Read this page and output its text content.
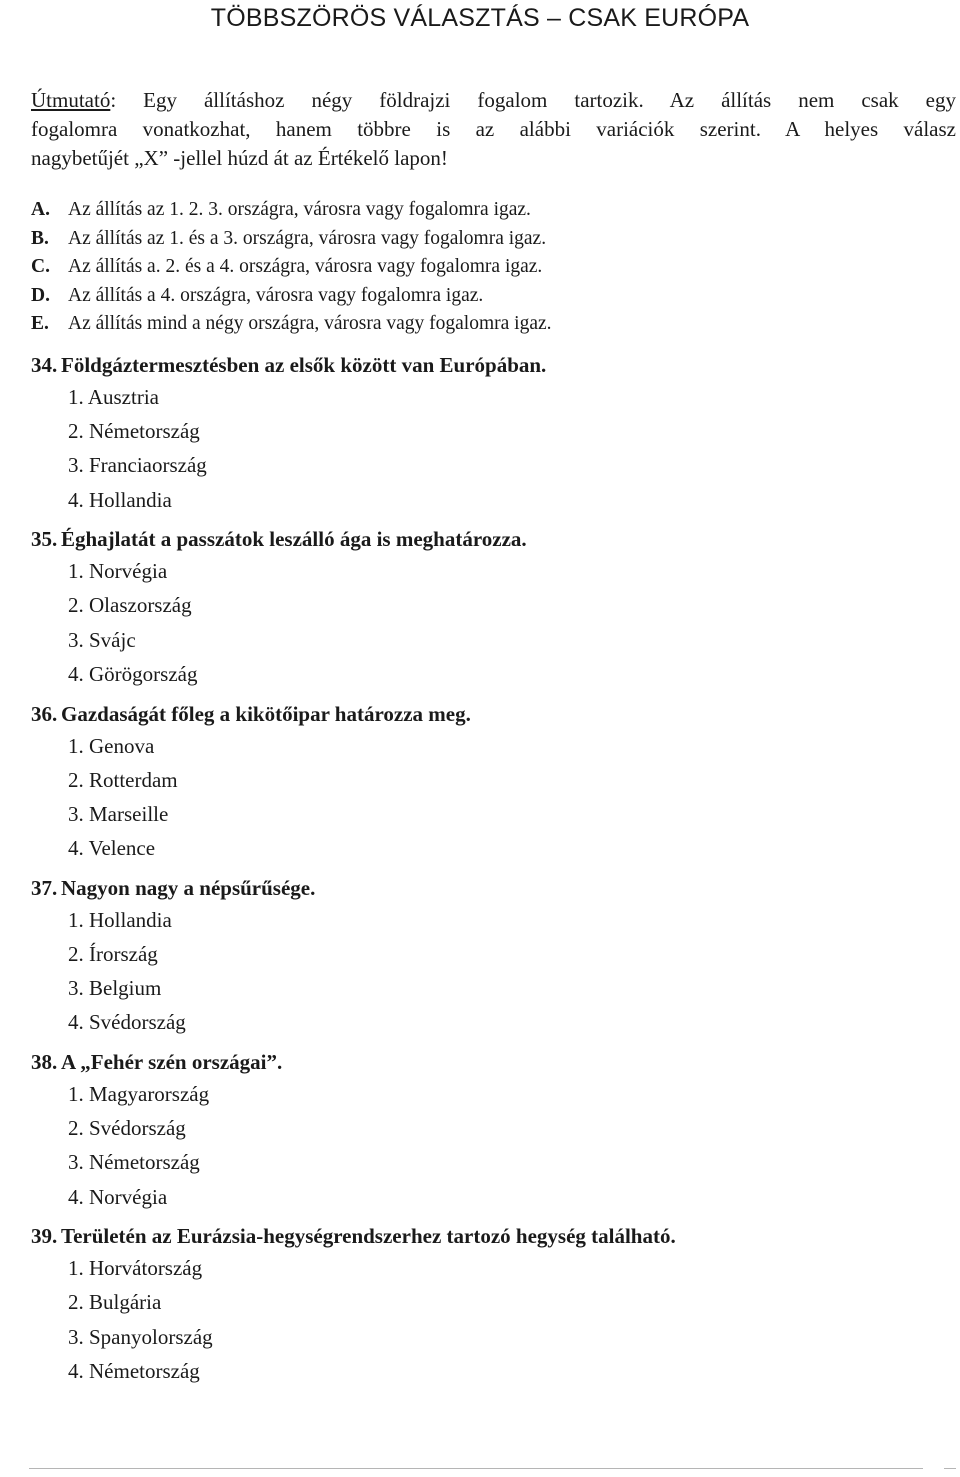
TÖBBSZÖRÖS VÁLASZTÁS – CSAK EURÓPA
Útmutató: Egy állításhoz négy földrajzi fogalom tartozik. Az állítás nem csak egy
fogalomra vonatkozhat, hanem többre is az alábbi variációk szerint. A helyes válasz
nagybetűjét „X” -jellel húzd át az Értékelő lapon!
A. Az állítás az 1. 2. 3. országra, városra vagy fogalomra igaz.
B. Az állítás az 1. és a 3. országra, városra vagy fogalomra igaz.
C. Az állítás a. 2. és a 4. országra, városra vagy fogalomra igaz.
D. Az állítás a 4. országra, városra vagy fogalomra igaz.
E. Az állítás mind a négy országra, városra vagy fogalomra igaz.
34. Földgáztermesztésben az elsők között van Európában.
1. Ausztria
2. Németország
3. Franciaország
4. Hollandia
35. Éghajlatát a passzátok leszálló ága is meghatározza.
1. Norvégia
2. Olaszország
3. Svájc
4. Görögország
36. Gazdaságát főleg a kikötőipar határozza meg.
1. Genova
2. Rotterdam
3. Marseille
4. Velence
37. Nagyon nagy a népsűrűsége.
1. Hollandia
2. Írország
3. Belgium
4. Svédország
38. A „Fehér szén országai”.
1. Magyarország
2. Svédország
3. Németország
4. Norvégia
39. Területén az Eurázsia-hegységrendszerhez tartozó hegység található.
1. Horvátország
2. Bulgária
3. Spanyolország
4. Németország
